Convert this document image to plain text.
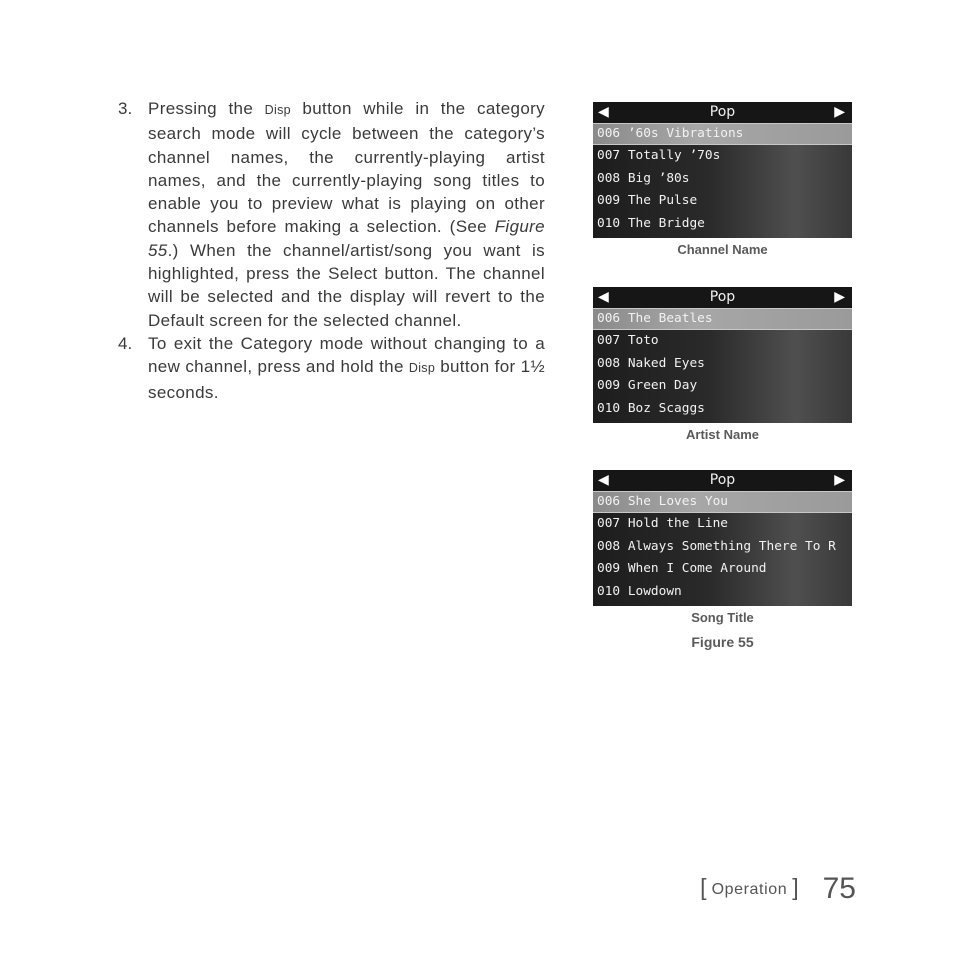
3. Pressing the Disp button while in the category search mode will cycle between the category’s channel names, the currently-playing artist names, and the currently-playing song titles to enable you to preview what is playing on other channels before making a selection. (See Figure 55.) When the channel/artist/song you want is highlighted, press the Select button. The channel will be selected and the display will revert to the Default screen for the selected channel.
4. To exit the Category mode without changing to a new channel, press and hold the Disp button for 1½ seconds.
◀	Pop	▶
006 ’60s Vibrations
007 Totally ’70s
008 Big ’80s
009 The Pulse
010 The Bridge
Channel Name
◀	Pop	▶
006 The Beatles
007 Toto
008 Naked Eyes
009 Green Day
010 Boz Scaggs
Artist Name
◀	Pop	▶
006 She Loves You
007 Hold the Line
008 Always Something There To R
009 When I Come Around
010 Lowdown
Song Title
Figure 55
[ Operation ] 75
